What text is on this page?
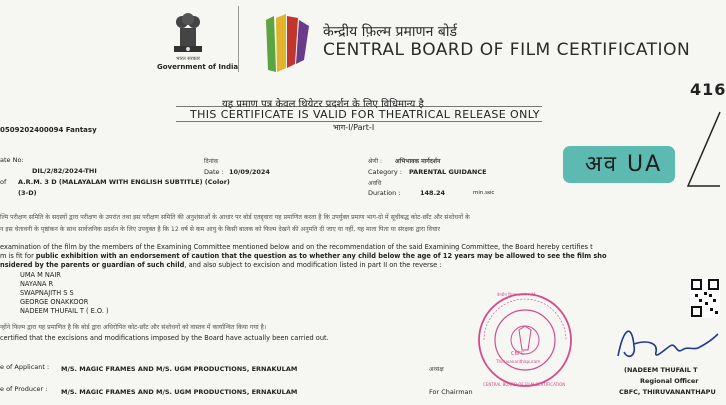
भारत सरकार
Government of India
केन्द्रीय फ़िल्म प्रमाणन बोर्ड
CENTRAL BOARD OF FILM CERTIFICATION
416
यह प्रमाण पत्र केवल थियेटर प्रदर्शन के लिए विधिमान्य है
THIS CERTIFICATE IS VALID FOR THEATRICAL RELEASE ONLY
भाग-I/Part-I
0509202400094 Fantasy
ate No:
DIL/2/82/2024-THI
दिनांक
Date : 10/09/2024
of A.R.M. 3 D (MALAYALAM WITH ENGLISH SUBTITLE) (Color)
(3-D)
श्रेणी : अभिभावक मार्गदर्शन
Category : PARENTAL GUIDANCE
अवधि
Duration :	148.24	min.sec
अव UA
ल्मि परीक्षण समिति के सदस्यों द्वारा परीक्षण के उपरांत तथा इस परीक्षण समिति की अनुशंसाओं के आधार पर बोर्ड एतद्द्वारा यह प्रमाणित करता है कि उपर्युक्त प्रमाण भाग-दो में सूचीबद्ध कोट-छाँट और संशोधनों के
न इस चेतावनी के पृष्ठांकन के साथ सार्वजनिक प्रदर्शन के लिए उपयुक्त है कि 12 वर्ष से कम आयु के किसी बालक को फिल्म देखने की अनुमति दी जाए या नहीं, यह माता पिता या संरक्षक द्वारा विचार
examination of the film by the members of the Examining Committee mentioned below and on the recommendation of the said Examining Committee, the Board hereby certifies t
m is fit for public exhibition with an endorsement of caution that the question as to whether any child below the age of 12 years may be allowed to see the film sho
nsidered by the parents or guardian of such child, and also subject to excision and modification listed in part II on the reverse :
UMA M NAIR
NAYANA R
SWAPNAJITH S S
GEORGE ONAKKOOR
NADEEM THUFAIL T ( E.O. )
न्होंने फिल्म द्वारा यह प्रमाणित है कि बोर्ड द्वारा अधिरोपित कोट-छाँट और संशोधनों को वास्तव में कार्यान्वित किया गया है।
certified that the excisions and modifications imposed by the Board have actually been carried out.
e of Applicant : M/S. MAGIC FRAMES AND M/S. UGM PRODUCTIONS, ERNAKULAM
e of Producer : M/S. MAGIC FRAMES AND M/S. UGM PRODUCTIONS, ERNAKULAM
अध्यक्ष
For Chairman
CBFC
Thiruvananthapuram
केन्द्रीय फिल्म प्रमाणन बोर्ड
CENTRAL BOARD OF FILM CERTIFICATION
(NADEEM THUFAIL T
Regional Officer
CBFC, THIRUVANANTHAPU
